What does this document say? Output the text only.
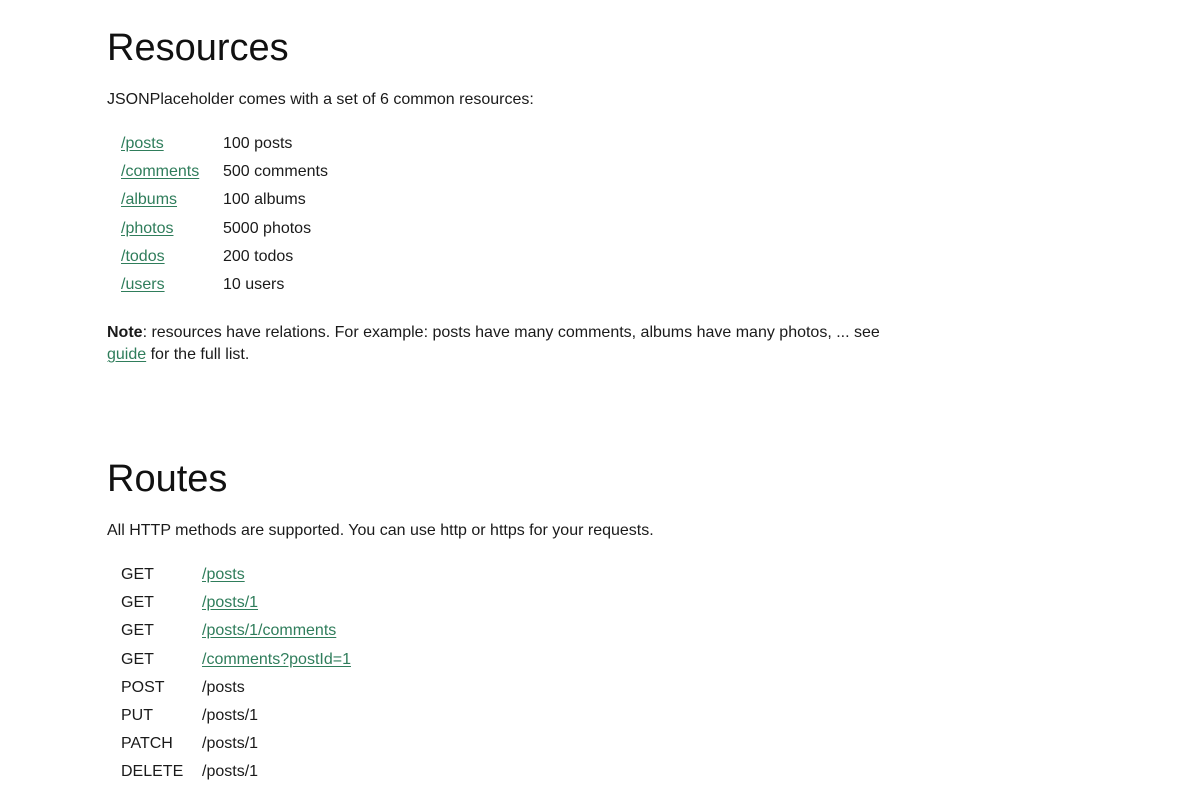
Resources

JSONPlaceholder comes with a set of 6 common resources:

/posts	100 posts
/comments	500 comments
/albums	100 albums
/photos	5000 photos
/todos	200 todos
/users	10 users

Note: resources have relations. For example: posts have many comments, albums have many photos, ... see guide for the full list.

Routes

All HTTP methods are supported. You can use http or https for your requests.

GET	/posts
GET	/posts/1
GET	/posts/1/comments
GET	/comments?postId=1
POST	/posts
PUT	/posts/1
PATCH	/posts/1
DELETE	/posts/1
